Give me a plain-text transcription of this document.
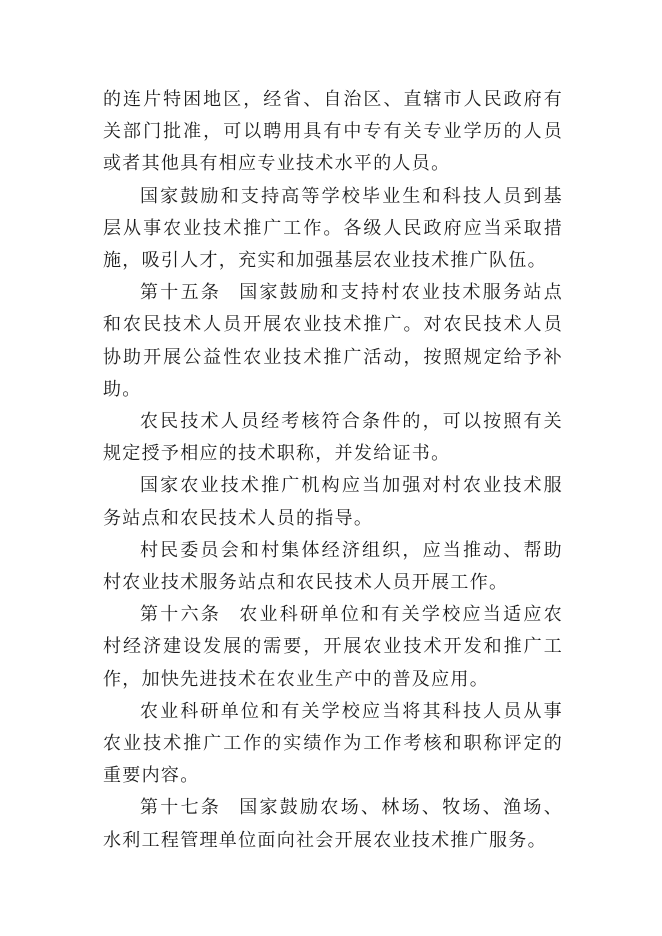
的连片特困地区，经省、自治区、直辖市人民政府有关部门批准，可以聘用具有中专有关专业学历的人员或者其他具有相应专业技术水平的人员。

国家鼓励和支持高等学校毕业生和科技人员到基层从事农业技术推广工作。各级人民政府应当采取措施，吸引人才，充实和加强基层农业技术推广队伍。

第十五条 国家鼓励和支持村农业技术服务站点和农民技术人员开展农业技术推广。对农民技术人员协助开展公益性农业技术推广活动，按照规定给予补助。

农民技术人员经考核符合条件的，可以按照有关规定授予相应的技术职称，并发给证书。

国家农业技术推广机构应当加强对村农业技术服务站点和农民技术人员的指导。

村民委员会和村集体经济组织，应当推动、帮助村农业技术服务站点和农民技术人员开展工作。

第十六条 农业科研单位和有关学校应当适应农村经济建设发展的需要，开展农业技术开发和推广工作，加快先进技术在农业生产中的普及应用。

农业科研单位和有关学校应当将其科技人员从事农业技术推广工作的实绩作为工作考核和职称评定的重要内容。

第十七条 国家鼓励农场、林场、牧场、渔场、水利工程管理单位面向社会开展农业技术推广服务。
